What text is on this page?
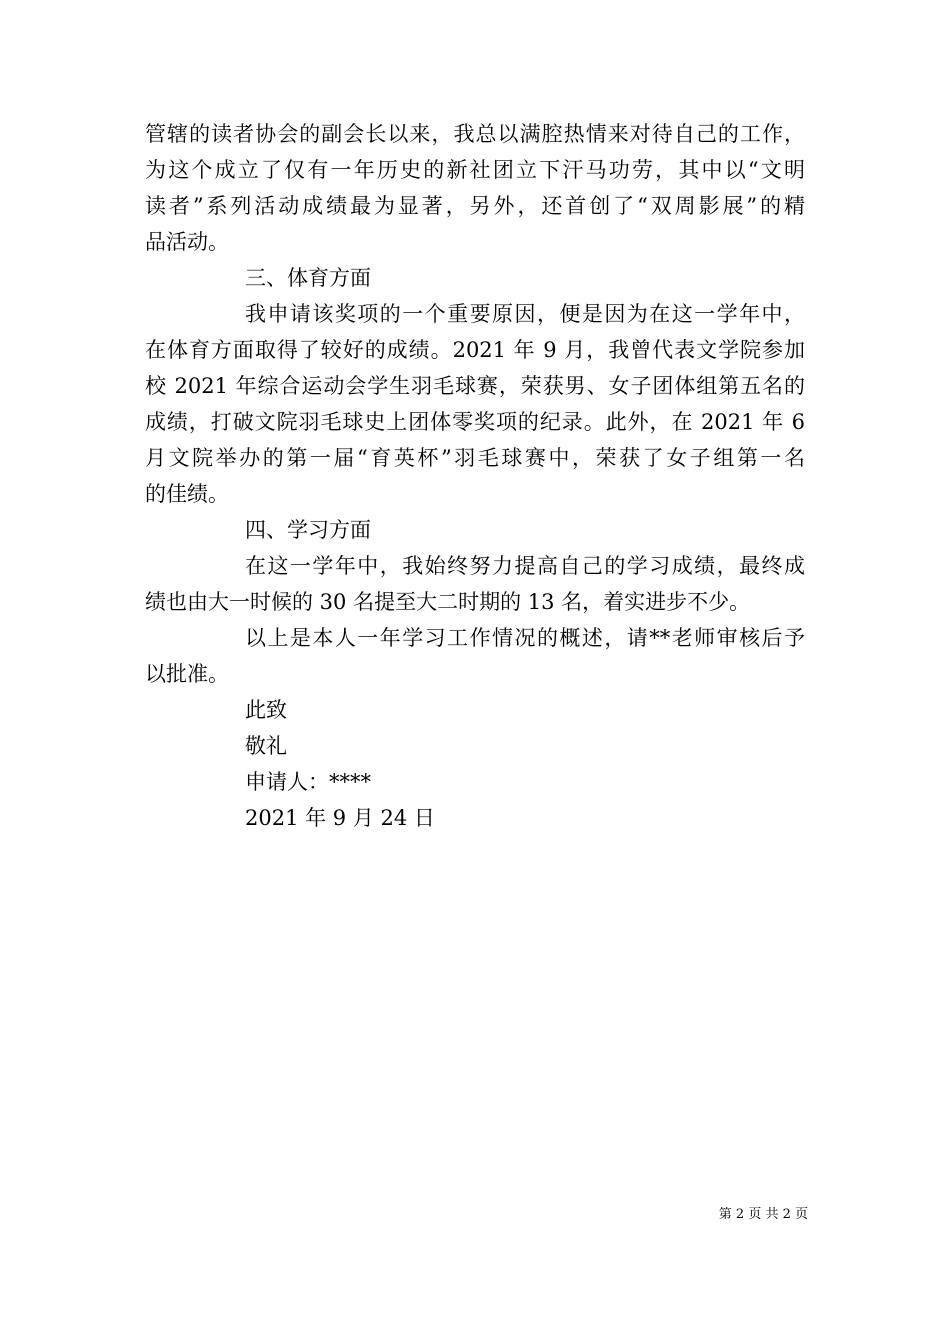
管辖的读者协会的副会长以来，我总以满腔热情来对待自己的工作，
为这个成立了仅有一年历史的新社团立下汗马功劳，其中以“文明
读者”系列活动成绩最为显著，另外，还首创了“双周影展”的精
品活动。
三、体育方面
我申请该奖项的一个重要原因，便是因为在这一学年中，
在体育方面取得了较好的成绩。2021 年 9 月，我曾代表文学院参加
校 2021 年综合运动会学生羽毛球赛，荣获男、女子团体组第五名的
成绩，打破文院羽毛球史上团体零奖项的纪录。此外，在 2021 年 6
月文院举办的第一届“育英杯”羽毛球赛中，荣获了女子组第一名
的佳绩。
四、学习方面
在这一学年中，我始终努力提高自己的学习成绩，最终成
绩也由大一时候的 30 名提至大二时期的 13 名，着实进步不少。
以上是本人一年学习工作情况的概述，请**老师审核后予
以批准。
此致
敬礼
申请人：****
2021 年 9 月 24 日
第 2 页 共 2 页
